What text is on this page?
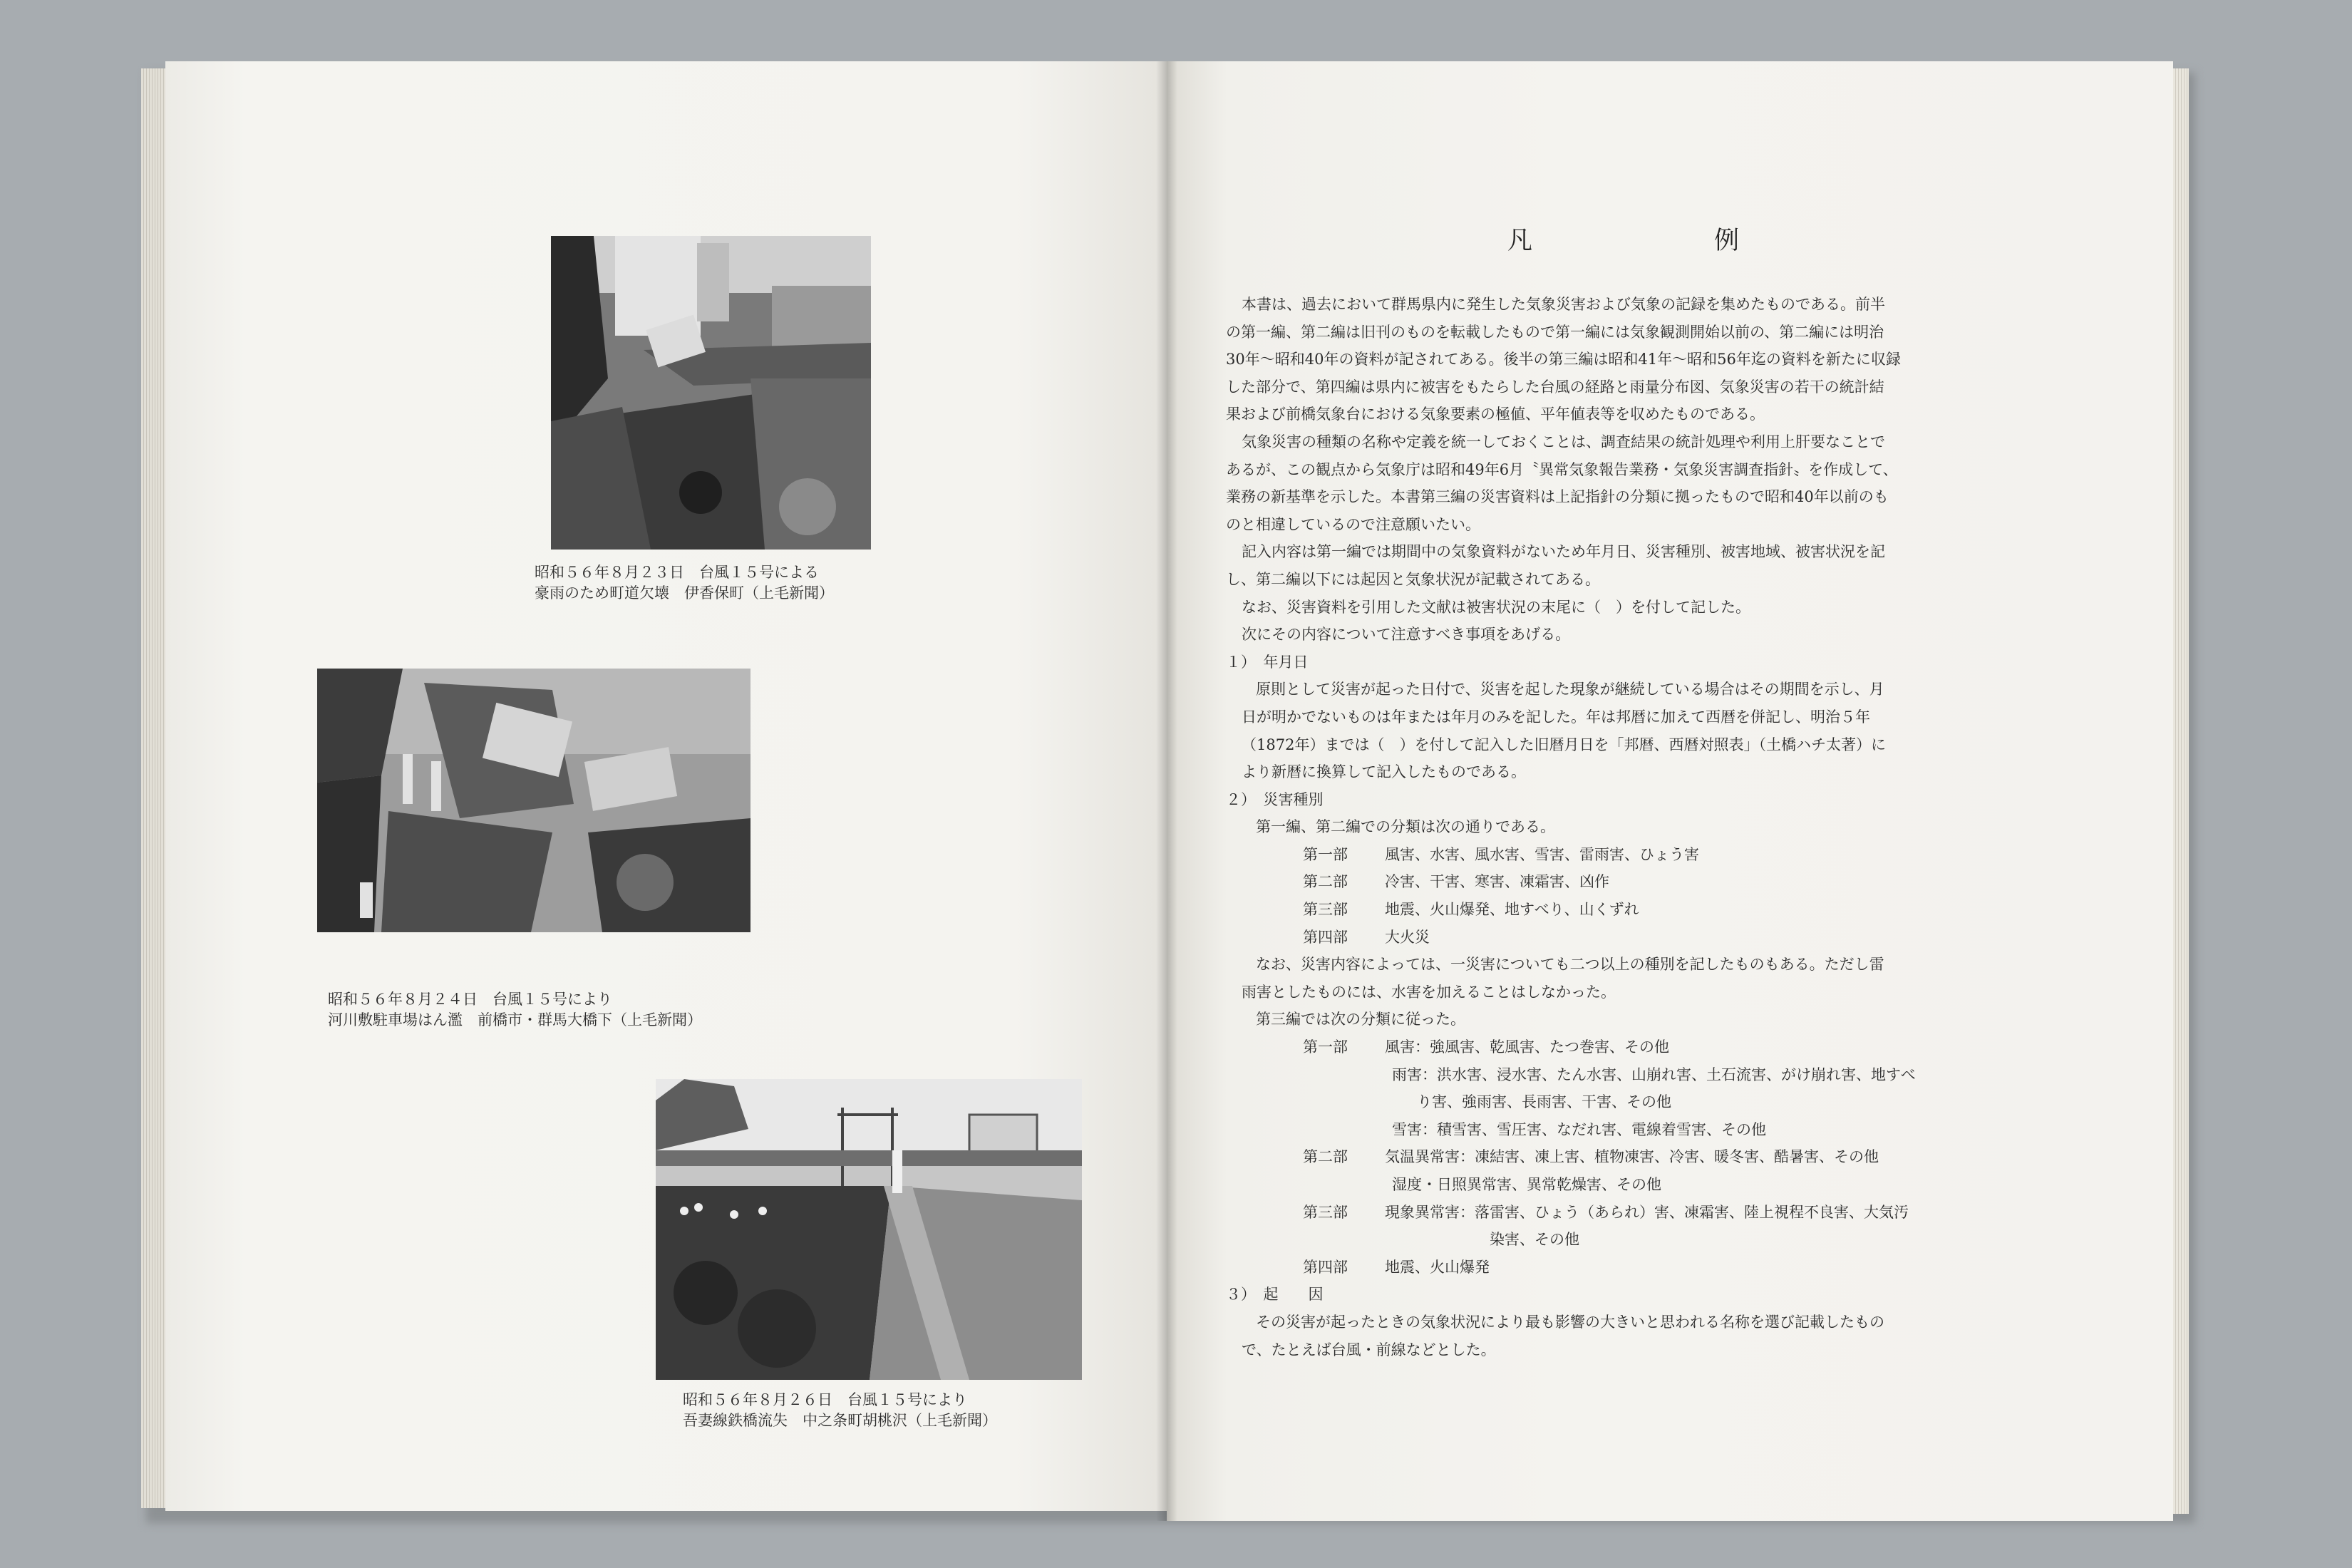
昭和５６年８月２３日　台風１５号による
豪雨のため町道欠壊　伊香保町（上毛新聞）
昭和５６年８月２４日　台風１５号により
河川敷駐車場はん濫　前橋市・群馬大橋下（上毛新聞）
昭和５６年８月２６日　台風１５号により
吾妻線鉄橋流失　中之条町胡桃沢（上毛新聞）
凡	例
本書は、過去において群馬県内に発生した気象災害および気象の記録を集めたものである。前半
の第一編、第二編は旧刊のものを転載したもので第一編には気象観測開始以前の、第二編には明治
30年〜昭和40年の資料が記されてある。後半の第三編は昭和41年〜昭和56年迄の資料を新たに収録
した部分で、第四編は県内に被害をもたらした台風の経路と雨量分布図、気象災害の若干の統計結
果および前橋気象台における気象要素の極値、平年値表等を収めたものである。
気象災害の種類の名称や定義を統一しておくことは、調査結果の統計処理や利用上肝要なことで
あるが、この観点から気象庁は昭和49年6月〝異常気象報告業務・気象災害調査指針〟を作成して、
業務の新基準を示した。本書第三編の災害資料は上記指針の分類に拠ったもので昭和40年以前のも
のと相違しているので注意願いたい。
記入内容は第一編では期間中の気象資料がないため年月日、災害種別、被害地域、被害状況を記
し、第二編以下には起因と気象状況が記載されてある。
なお、災害資料を引用した文献は被害状況の末尾に（　）を付して記した。
次にその内容について注意すべき事項をあげる。
１）　年月日
原則として災害が起った日付で、災害を起した現象が継続している場合はその期間を示し、月
日が明かでないものは年または年月のみを記した。年は邦暦に加えて西暦を併記し、明治５年
（1872年）までは（　）を付して記入した旧暦月日を「邦暦、西暦対照表」（土橋ハチ太著）に
より新暦に換算して記入したものである。
２）　災害種別
第一編、第二編での分類は次の通りである。
第一部 風害、水害、風水害、雪害、雷雨害、ひょう害
第二部 冷害、干害、寒害、凍霜害、凶作
第三部 地震、火山爆発、地すべり、山くずれ
第四部 大火災
なお、災害内容によっては、一災害についても二つ以上の種別を記したものもある。ただし雷
雨害としたものには、水害を加えることはしなかった。
第三編では次の分類に従った。
第一部 風害：強風害、乾風害、たつ巻害、その他
雨害：洪水害、浸水害、たん水害、山崩れ害、土石流害、がけ崩れ害、地すべ
り害、強雨害、長雨害、干害、その他
雪害：積雪害、雪圧害、なだれ害、電線着雪害、その他
第二部 気温異常害：凍結害、凍上害、植物凍害、冷害、暖冬害、酷暑害、その他
湿度・日照異常害、異常乾燥害、その他
第三部 現象異常害：落雷害、ひょう（あられ）害、凍霜害、陸上視程不良害、大気汚
染害、その他
第四部 地震、火山爆発
３）　起　　因
その災害が起ったときの気象状況により最も影響の大きいと思われる名称を選び記載したもの
で、たとえば台風・前線などとした。
